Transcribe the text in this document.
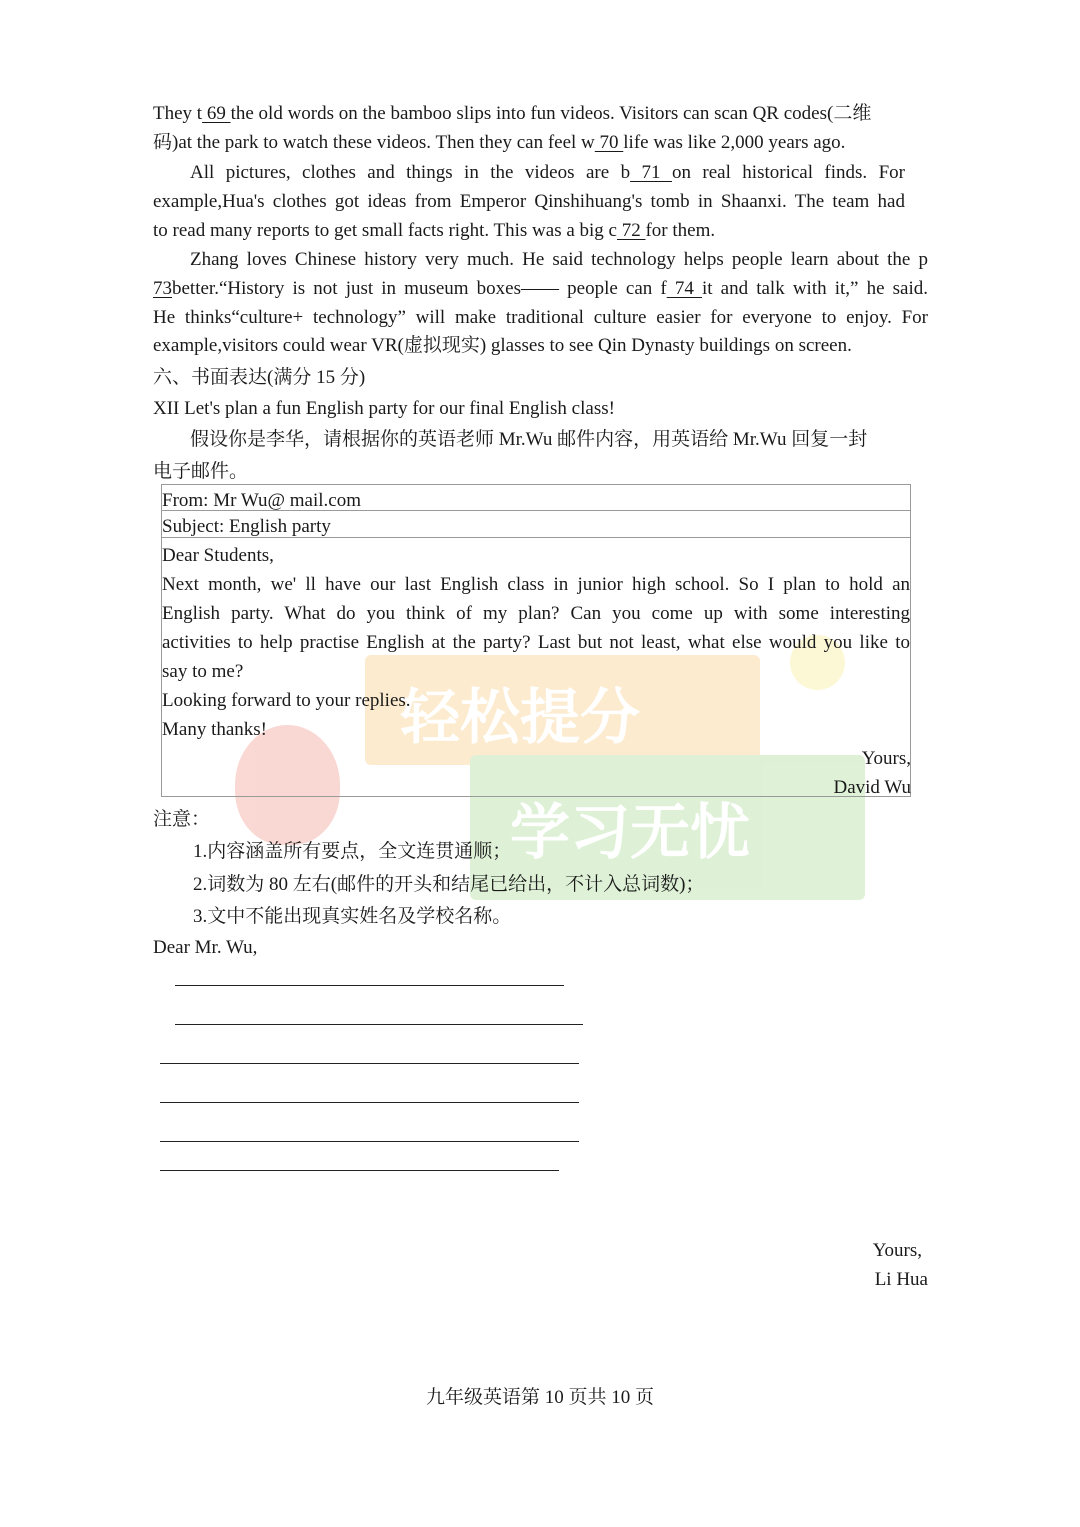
轻松提分
学习无忧
They t 69 the old words on the bamboo slips into fun videos. Visitors can scan QR codes(二维
码)at the park to watch these videos. Then they can feel w 70 life was like 2,000 years ago.
All pictures, clothes and things in the videos are b 71 on real historical finds. For
example,Hua's clothes got ideas from Emperor Qinshihuang's tomb in Shaanxi. The team had
to read many reports to get small facts right. This was a big c 72 for them.
Zhang loves Chinese history very much. He said technology helps people learn about the p
73better.“History is not just in museum boxes—— people can f 74 it and talk with it,” he said.
He thinks“culture+ technology” will make traditional culture easier for everyone to enjoy. For
example,visitors could wear VR(虚拟现实) glasses to see Qin Dynasty buildings on screen.
六、书面表达(满分 15 分)
XII Let's plan a fun English party for our final English class!
假设你是李华，请根据你的英语老师 Mr.Wu 邮件内容，用英语给 Mr.Wu 回复一封
电子邮件。
From: Mr Wu@ mail.com
Subject: English party
Dear Students,
Next month, we' ll have our last English class in junior high school. So I plan to hold an
English party. What do you think of my plan? Can you come up with some interesting
activities to help practise English at the party? Last but not least, what else would you like to
say to me?
Looking forward to your replies.
Many thanks!
Yours,
David Wu
注意：
1.内容涵盖所有要点，全文连贯通顺；
2.词数为 80 左右(邮件的开头和结尾已给出，不计入总词数)；
3.文中不能出现真实姓名及学校名称。
Dear Mr. Wu,
Yours,
Li Hua
九年级英语第 10 页共 10 页
